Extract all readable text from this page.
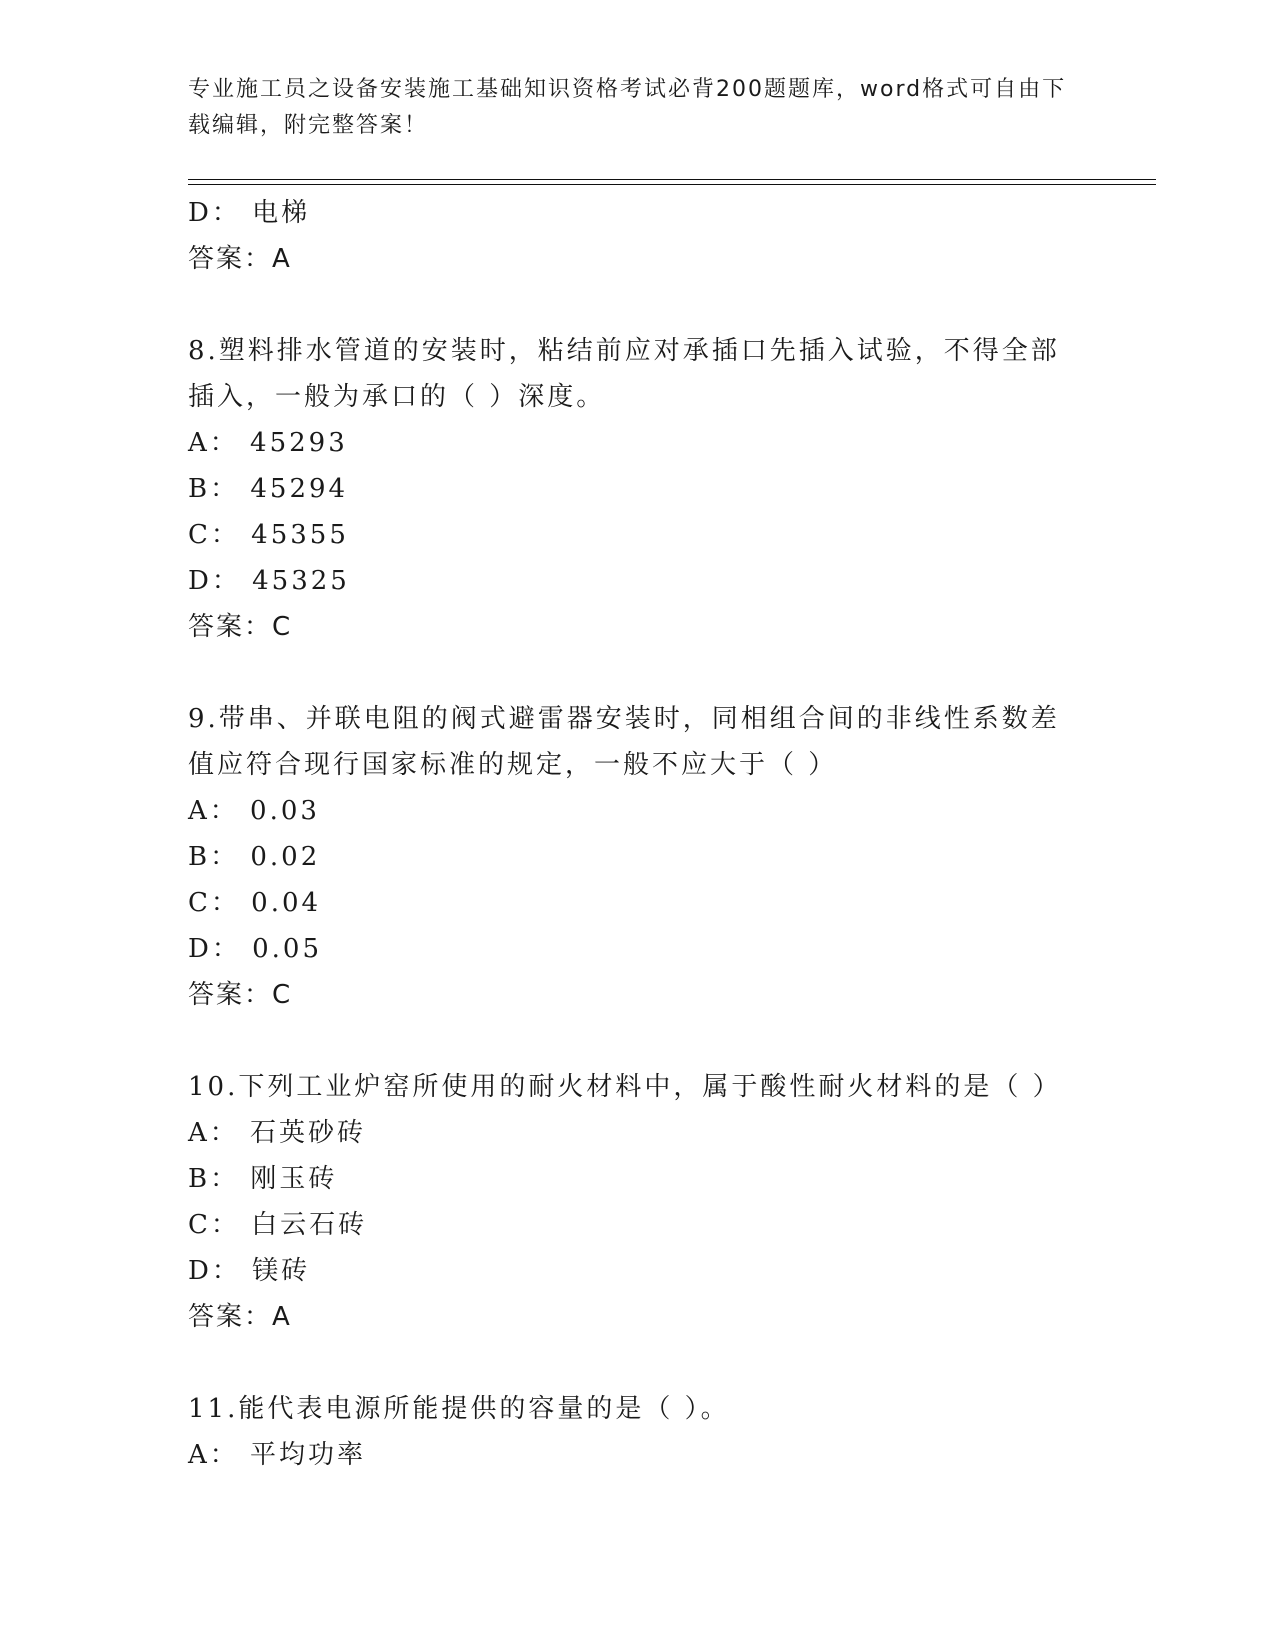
专业施工员之设备安装施工基础知识资格考试必背200题题库，word格式可自由下载编辑，附完整答案！
D： 电梯
答案：A
8.塑料排水管道的安装时，粘结前应对承插口先插入试验，不得全部
插入，一般为承口的（ ）深度。
A： 45293
B： 45294
C： 45355
D： 45325
答案：C
9.带串、并联电阻的阀式避雷器安装时，同相组合间的非线性系数差
值应符合现行国家标准的规定，一般不应大于（ ）
A： 0.03
B： 0.02
C： 0.04
D： 0.05
答案：C
10.下列工业炉窑所使用的耐火材料中，属于酸性耐火材料的是（ ）
A： 石英砂砖
B： 刚玉砖
C： 白云石砖
D： 镁砖
答案：A
11.能代表电源所能提供的容量的是（ ）。
A： 平均功率
